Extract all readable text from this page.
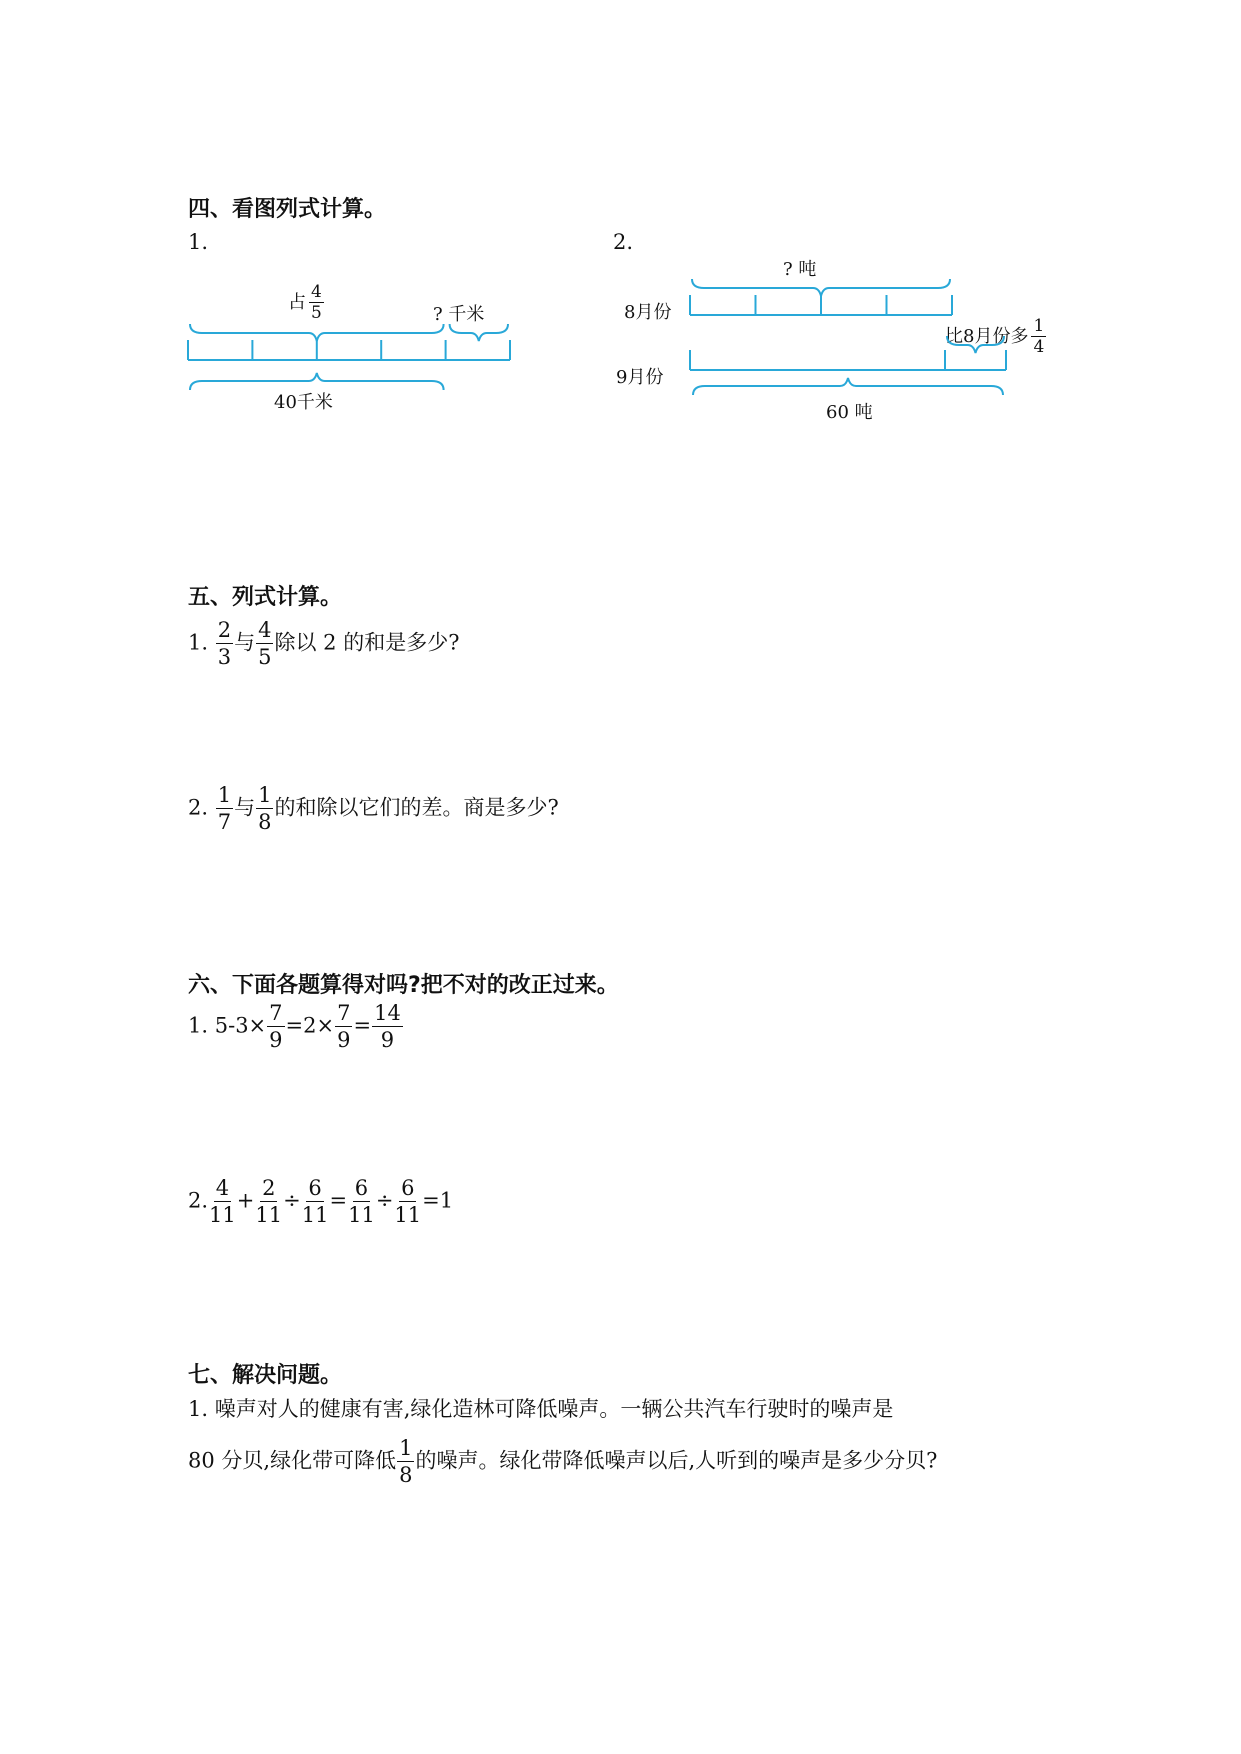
四、看图列式计算。
1.	2.
占 $\frac{4}{5}$	? 千米
40千米
? 吨
8月份
9月份
比8月份多 $\frac{1}{4}$
60 吨
五、列式计算。
1. $\frac{2}{3}$ 与 $\frac{4}{5}$ 除以 2 的和是多少?
2. $\frac{1}{7}$ 与 $\frac{1}{8}$ 的和除以它们的差。商是多少?
六、下面各题算得对吗?把不对的改正过来。
1. $5-3\times \frac{7}{9} =2\times \frac{7}{9} = \frac{14}{9}$
2. $\frac{4}{11} + \frac{2}{11} \div \frac{6}{11} = \frac{6}{11} \div \frac{6}{11} =1$
七、解决问题。
1. 噪声对人的健康有害,绿化造林可降低噪声。一辆公共汽车行驶时的噪声是
80 分贝,绿化带可降低 $\frac{1}{8}$ 的噪声。绿化带降低噪声以后,人听到的噪声是多少分贝?
